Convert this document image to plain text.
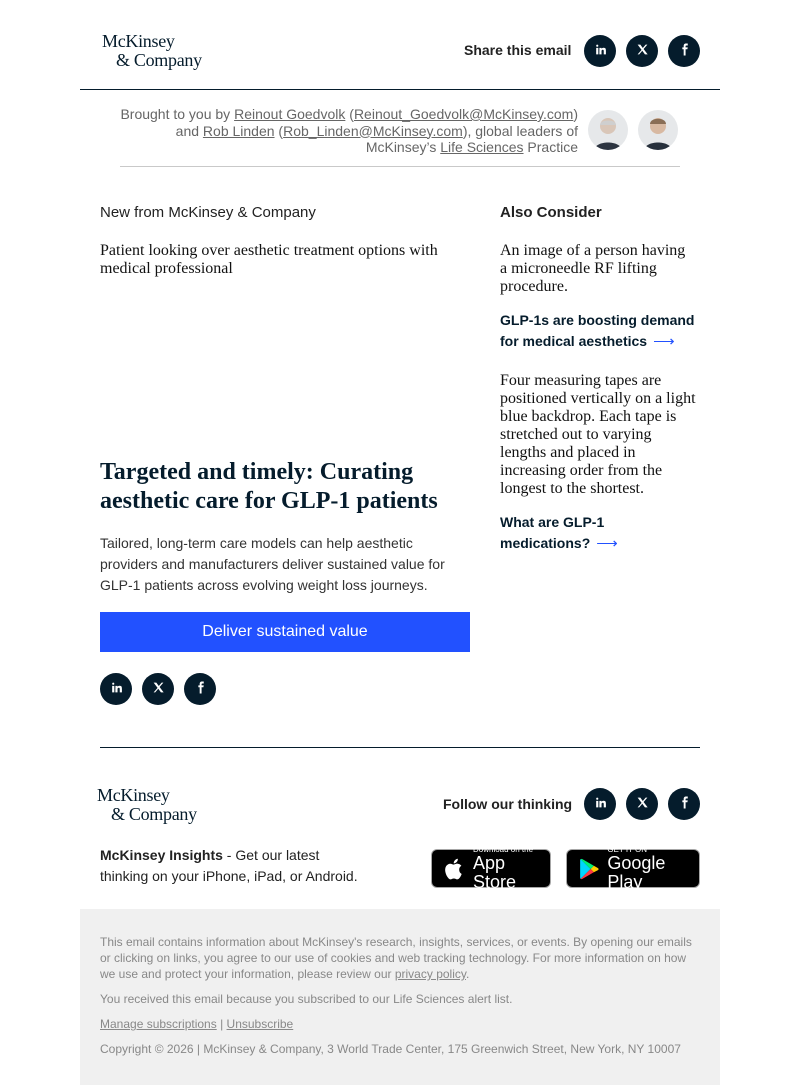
McKinsey
& Company	Share this email
Brought to you by Reinout Goedvolk (Reinout_Goedvolk@McKinsey.com) and Rob Linden (Rob_Linden@McKinsey.com), global leaders of McKinsey’s Life Sciences Practice
New from McKinsey & Company
Patient looking over aesthetic treatment options with medical professional
Targeted and timely: Curating aesthetic care for GLP-1 patients
Tailored, long-term care models can help aesthetic providers and manufacturers deliver sustained value for GLP-1 patients across evolving weight loss journeys.
Deliver sustained value
Also Consider
An image of a person having a microneedle RF lifting procedure.
GLP-1s are boosting demand for medical aesthetics ⟶
Four measuring tapes are positioned vertically on a light blue backdrop. Each tape is stretched out to varying lengths and placed in increasing order from the longest to the shortest.
What are GLP-1 medications? ⟶
McKinsey
& Company	Follow our thinking
McKinsey Insights - Get our latest thinking on your iPhone, iPad, or Android.
Download on the
App Store
GET IT ON
Google Play

This email contains information about McKinsey's research, insights, services, or events. By opening our emails or clicking on links, you agree to our use of cookies and web tracking technology. For more information on how we use and protect your information, please review our privacy policy.

You received this email because you subscribed to our Life Sciences alert list.

Manage subscriptions | Unsubscribe

Copyright © 2026 | McKinsey & Company, 3 World Trade Center, 175 Greenwich Street, New York, NY 10007
